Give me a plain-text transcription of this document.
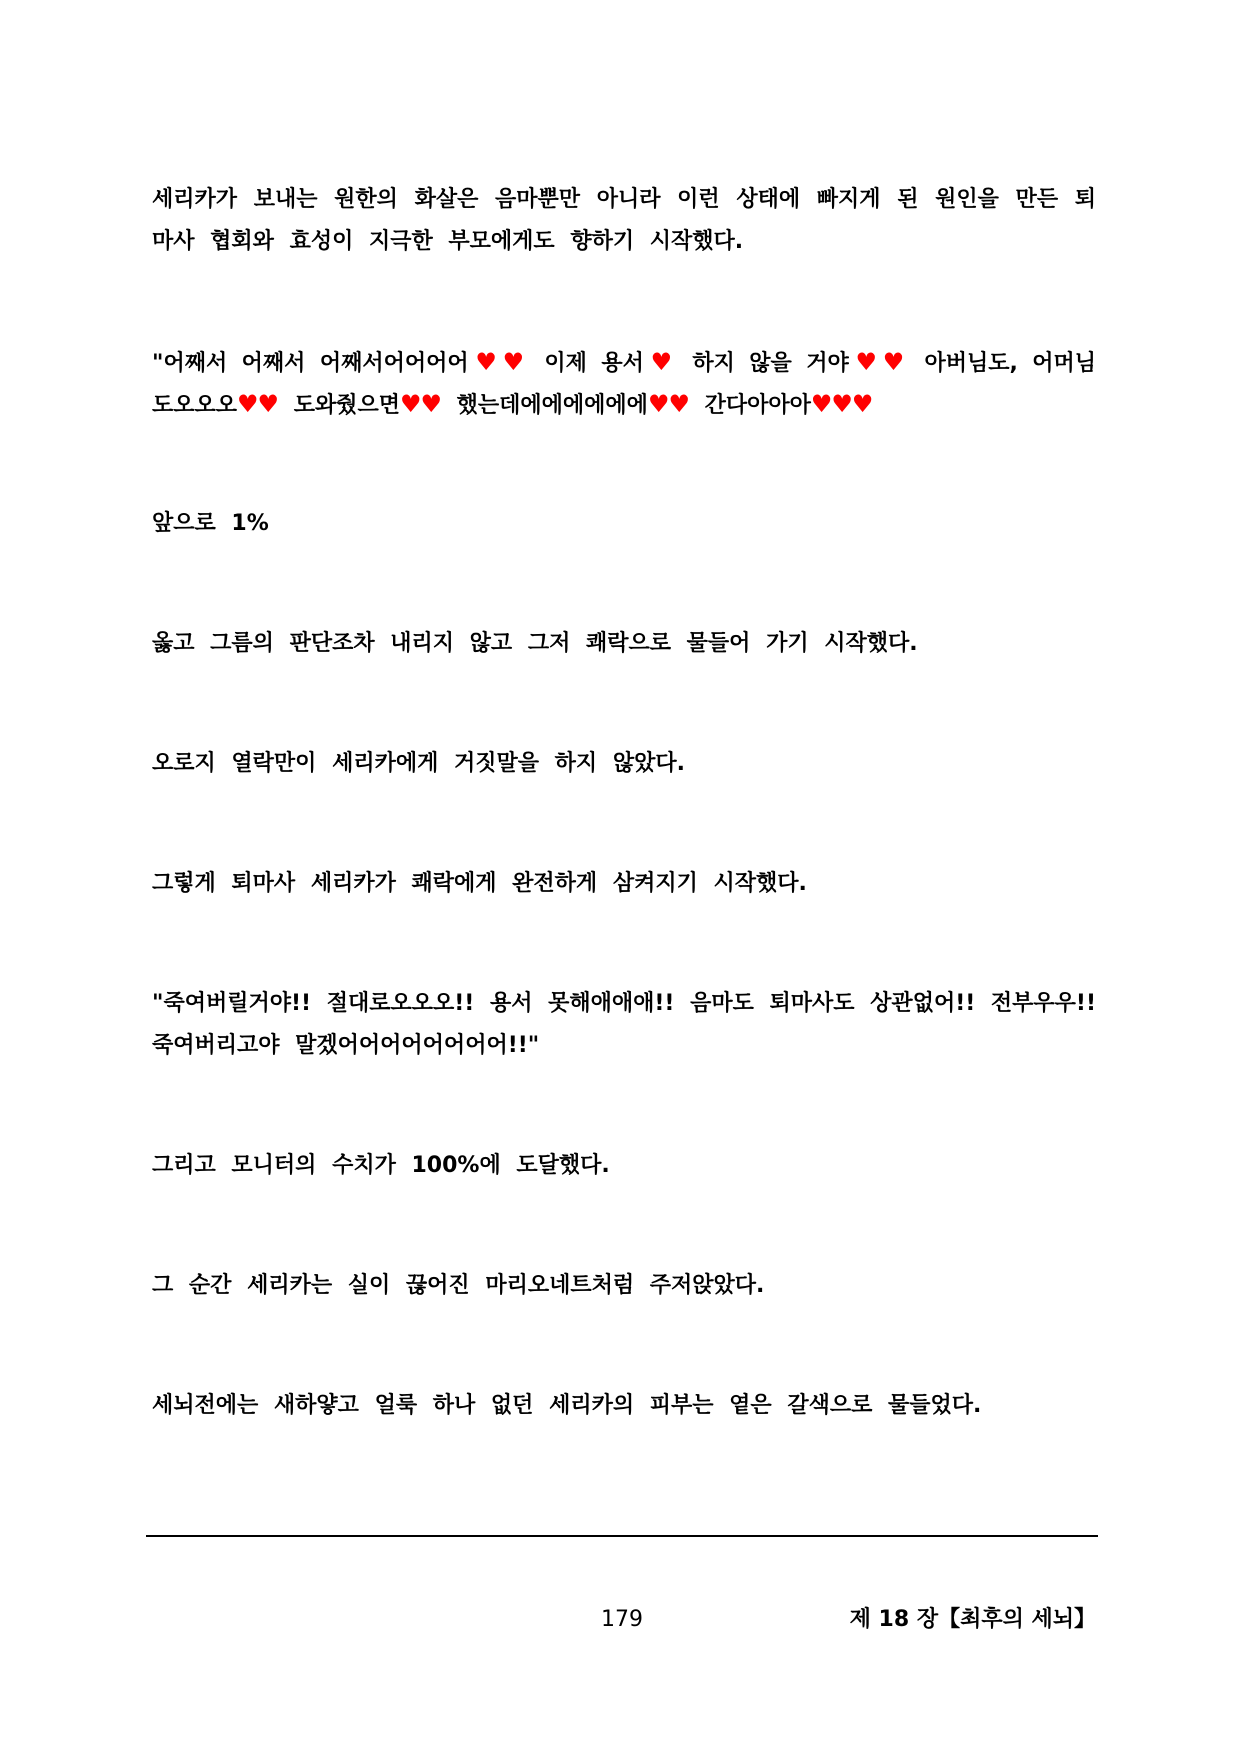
세리카가 보내는 원한의 화살은 음마뿐만 아니라 이런 상태에 빠지게 된 원인을 만든 퇴
마사 협회와 효성이 지극한 부모에게도 향하기 시작했다.
"어째서 어째서 어째서어어어어♥♥ 이제 용서♥ 하지 않을 거야♥♥ 아버님도, 어머님
도오오오♥♥ 도와줬으면♥♥ 했는데에에에에에에♥♥ 간다아아아♥♥♥
앞으로 1%
옳고 그름의 판단조차 내리지 않고 그저 쾌락으로 물들어 가기 시작했다.
오로지 열락만이 세리카에게 거짓말을 하지 않았다.
그렇게 퇴마사 세리카가 쾌락에게 완전하게 삼켜지기 시작했다.
"죽여버릴거야!! 절대로오오오!! 용서 못해애애애!! 음마도 퇴마사도 상관없어!! 전부우우!!
죽여버리고야 말겠어어어어어어어어!!"
그리고 모니터의 수치가 100%에 도달했다.
그 순간 세리카는 실이 끊어진 마리오네트처럼 주저앉았다.
세뇌전에는 새하얗고 얼룩 하나 없던 세리카의 피부는 옅은 갈색으로 물들었다.
179	제 18 장【최후의 세뇌】
